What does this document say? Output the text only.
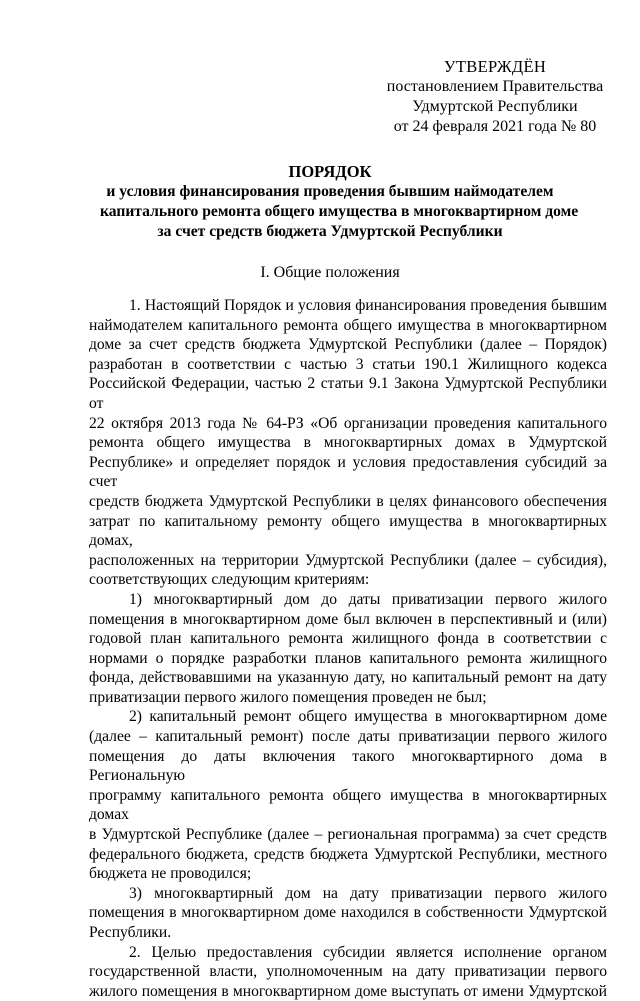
УТВЕРЖДЁН
постановлением Правительства
Удмуртской Республики
от 24 февраля 2021 года № 80
ПОРЯДОК
и условия финансирования проведения бывшим наймодателем
капитального ремонта общего имущества в многоквартирном доме
за счет средств бюджета Удмуртской Республики
I. Общие положения

1. Настоящий Порядок и условия финансирования проведения бывшим

наймодателем капитального ремонта общего имущества в многоквартирном

доме за счет средств бюджета Удмуртской Республики (далее – Порядок)

разработан в соответствии с частью 3 статьи 190.1 Жилищного кодекса

Российской Федерации, частью 2 статьи 9.1 Закона Удмуртской Республики от

22 октября 2013 года № 64-РЗ «Об организации проведения капитального

ремонта общего имущества в многоквартирных домах в Удмуртской

Республике» и определяет порядок и условия предоставления субсидий за счет

средств бюджета Удмуртской Республики в целях финансового обеспечения

затрат по капитальному ремонту общего имущества в многоквартирных домах,

расположенных на территории Удмуртской Республики (далее – субсидия),

соответствующих следующим критериям:

1) многоквартирный дом до даты приватизации первого жилого

помещения в многоквартирном доме был включен в перспективный и (или)

годовой план капитального ремонта жилищного фонда в соответствии с

нормами о порядке разработки планов капитального ремонта жилищного

фонда, действовавшими на указанную дату, но капитальный ремонт на дату

приватизации первого жилого помещения проведен не был;

2) капитальный ремонт общего имущества в многоквартирном доме

(далее – капитальный ремонт) после даты приватизации первого жилого

помещения до даты включения такого многоквартирного дома в Региональную

программу капитального ремонта общего имущества в многоквартирных домах

в Удмуртской Республике (далее – региональная программа) за счет средств

федерального бюджета, средств бюджета Удмуртской Республики, местного

бюджета не проводился;

3) многоквартирный дом на дату приватизации первого жилого

помещения в многоквартирном доме находился в собственности Удмуртской

Республики.

2. Целью предоставления субсидии является исполнение органом

государственной власти, уполномоченным на дату приватизации первого

жилого помещения в многоквартирном доме выступать от имени Удмуртской
